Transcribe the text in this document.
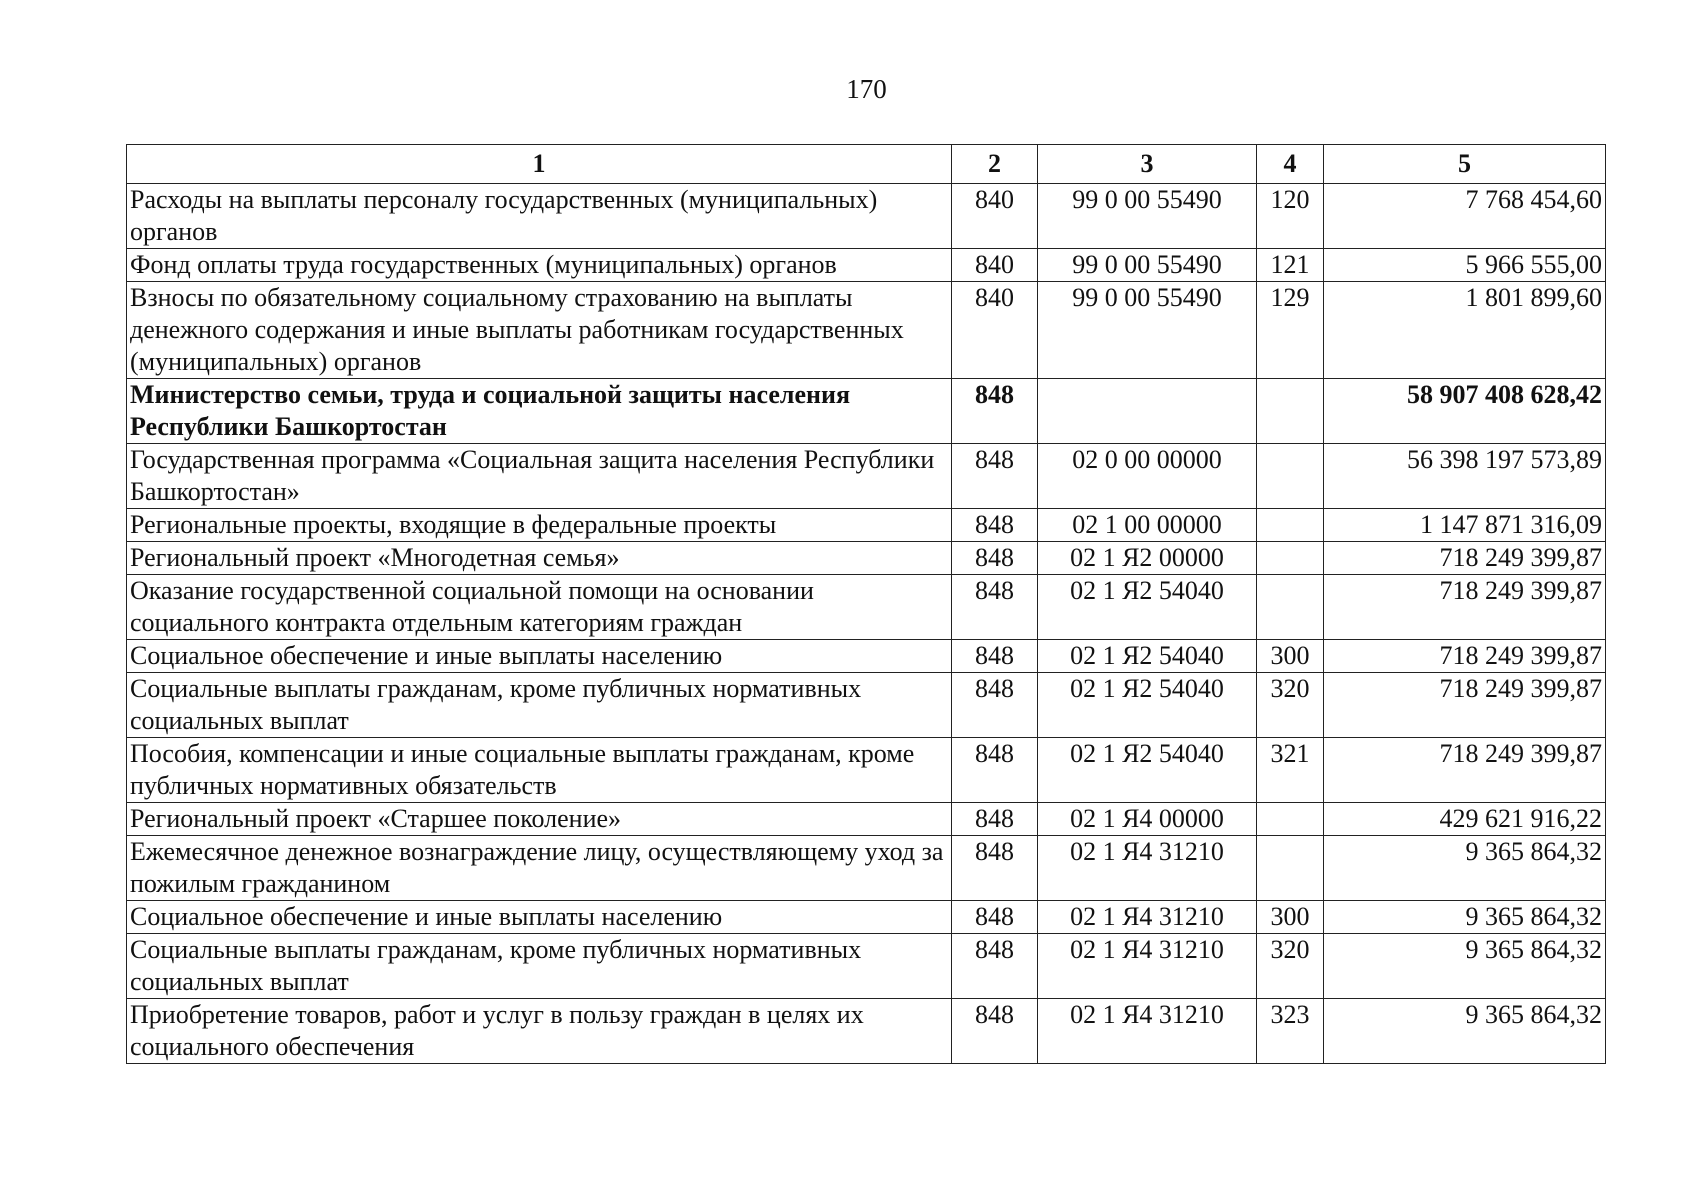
170
1	2	3	4	5
Расходы на выплаты персоналу государственных (муниципальных) органов	840	99 0 00 55490	120	7 768 454,60
Фонд оплаты труда государственных (муниципальных) органов	840	99 0 00 55490	121	5 966 555,00
Взносы по обязательному социальному страхованию на выплаты денежного содержания и иные выплаты работникам государственных (муниципальных) органов	840	99 0 00 55490	129	1 801 899,60
Министерство семьи, труда и социальной защиты населения Республики Башкортостан	848			58 907 408 628,42
Государственная программа «Социальная защита населения Республики Башкортостан»	848	02 0 00 00000		56 398 197 573,89
Региональные проекты, входящие в федеральные проекты	848	02 1 00 00000		1 147 871 316,09
Региональный проект «Многодетная семья»	848	02 1 Я2 00000		718 249 399,87
Оказание государственной социальной помощи на основании социального контракта отдельным категориям граждан	848	02 1 Я2 54040		718 249 399,87
Социальное обеспечение и иные выплаты населению	848	02 1 Я2 54040	300	718 249 399,87
Социальные выплаты гражданам, кроме публичных нормативных социальных выплат	848	02 1 Я2 54040	320	718 249 399,87
Пособия, компенсации и иные социальные выплаты гражданам, кроме публичных нормативных обязательств	848	02 1 Я2 54040	321	718 249 399,87
Региональный проект «Старшее поколение»	848	02 1 Я4 00000		429 621 916,22
Ежемесячное денежное вознаграждение лицу, осуществляющему уход за пожилым гражданином	848	02 1 Я4 31210		9 365 864,32
Социальное обеспечение и иные выплаты населению	848	02 1 Я4 31210	300	9 365 864,32
Социальные выплаты гражданам, кроме публичных нормативных социальных выплат	848	02 1 Я4 31210	320	9 365 864,32
Приобретение товаров, работ и услуг в пользу граждан в целях их социального обеспечения	848	02 1 Я4 31210	323	9 365 864,32
